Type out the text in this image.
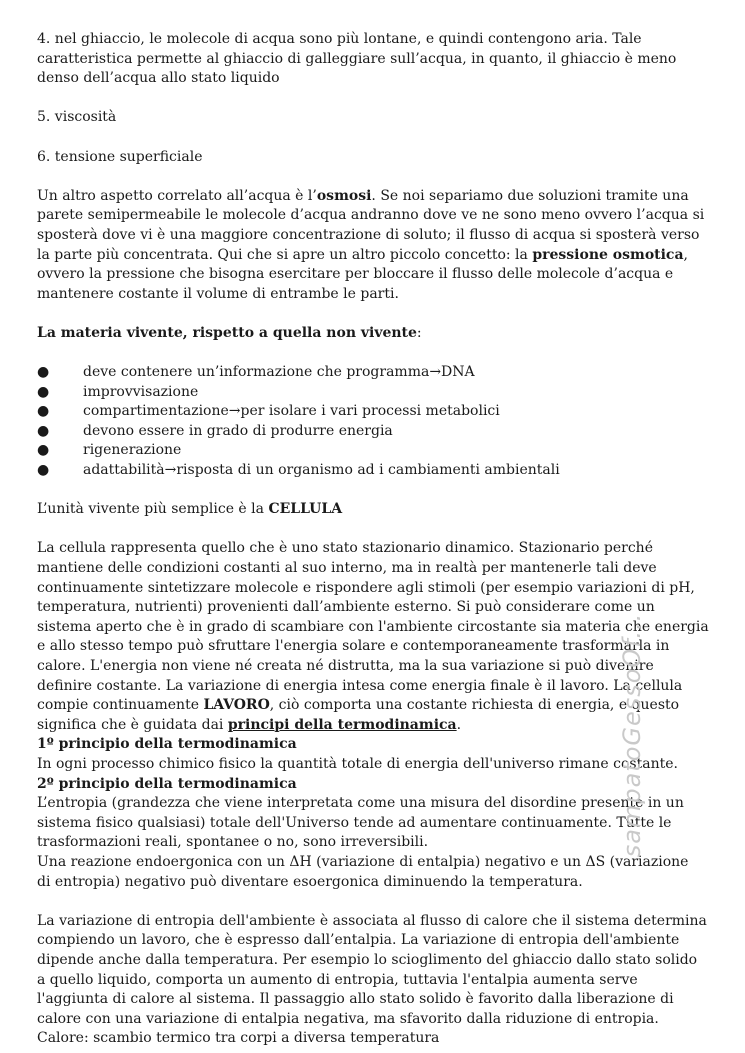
4. nel ghiaccio, le molecole di acqua sono più lontane, e quindi contengono aria. Tale caratteristica permette al ghiaccio di galleggiare sull’acqua, in quanto, il ghiaccio è meno denso dell’acqua allo stato liquido

5. viscosità

6. tensione superficiale

Un altro aspetto correlato all’acqua è l’osmosi. Se noi separiamo due soluzioni tramite una parete semipermeabile le molecole d’acqua andranno dove ve ne sono meno ovvero l’acqua si sposterà dove vi è una maggiore concentrazione di soluto; il flusso di acqua si sposterà verso la parte più concentrata. Qui che si apre un altro piccolo concetto: la pressione osmotica, ovvero la pressione che bisogna esercitare per bloccare il flusso delle molecole d’acqua e mantenere costante il volume di entrambe le parti.

La materia vivente, rispetto a quella non vivente:

● deve contenere un’informazione che programma→DNA
● improvvisazione
● compartimentazione→per isolare i vari processi metabolici
● devono essere in grado di produrre energia
● rigenerazione
● adattabilità→risposta di un organismo ad i cambiamenti ambientali

L’unità vivente più semplice è la CELLULA

La cellula rappresenta quello che è uno stato stazionario dinamico. Stazionario perché mantiene delle condizioni costanti al suo interno, ma in realtà per mantenerle tali deve continuamente sintetizzare molecole e rispondere agli stimoli (per esempio variazioni di pH, temperatura, nutrienti) provenienti dall’ambiente esterno. Si può considerare come un sistema aperto che è in grado di scambiare con l'ambiente circostante sia materia che energia e allo stesso tempo può sfruttare l'energia solare e contemporaneamente trasformarla in calore. L'energia non viene né creata né distrutta, ma la sua variazione si può divenire definire costante. La variazione di energia intesa come energia finale è il lavoro. La cellula compie continuamente LAVORO, ciò comporta una costante richiesta di energia, e questo significa che è guidata dai principi della termodinamica.

1º principio della termodinamica

In ogni processo chimico fisico la quantità totale di energia dell'universo rimane costante.

2º principio della termodinamica

L’entropia (grandezza che viene interpretata come una misura del disordine presente in un sistema fisico qualsiasi) totale dell'Universo tende ad aumentare continuamente. Tutte le trasformazioni reali, spontanee o no, sono irreversibili.

Una reazione endoergonica con un ΔH (variazione di entalpia) negativo e un ΔS (variazione

di entropia) negativo può diventare esoergonica diminuendo la temperatura.

La variazione di entropia dell'ambiente è associata al flusso di calore che il sistema determina

compiendo un lavoro, che è espresso dall’entalpia. La variazione di entropia dell'ambiente

dipende anche dalla temperatura. Per esempio lo scioglimento del ghiaccio dallo stato solido

a quello liquido, comporta un aumento di entropia, tuttavia l'entalpia aumenta serve

l'aggiunta di calore al sistema. Il passaggio allo stato solido è favorito dalla liberazione di

calore con una variazione di entalpia negativa, ma sfavorito dalla riduzione di entropia.

Calore: scambio termico tra corpi a diversa temperatura

sampatoGessoOf...
